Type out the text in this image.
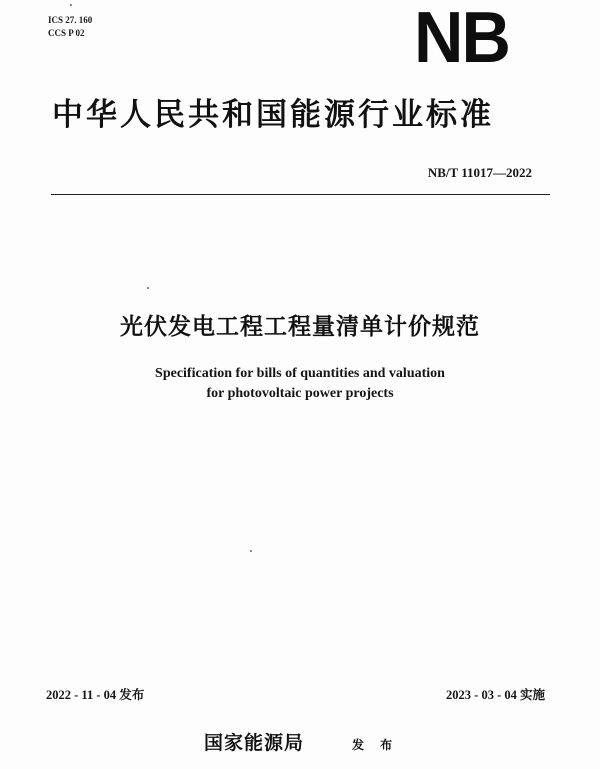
ICS 27. 160
CCS P 02	NB
中华人民共和国能源行业标准
NB/T 11017—2022
光伏发电工程工程量清单计价规范
Specification for bills of quantities and valuation
for photovoltaic power projects
2022 - 11 - 04 发布	2023 - 03 - 04 实施
国家能源局	发 布
